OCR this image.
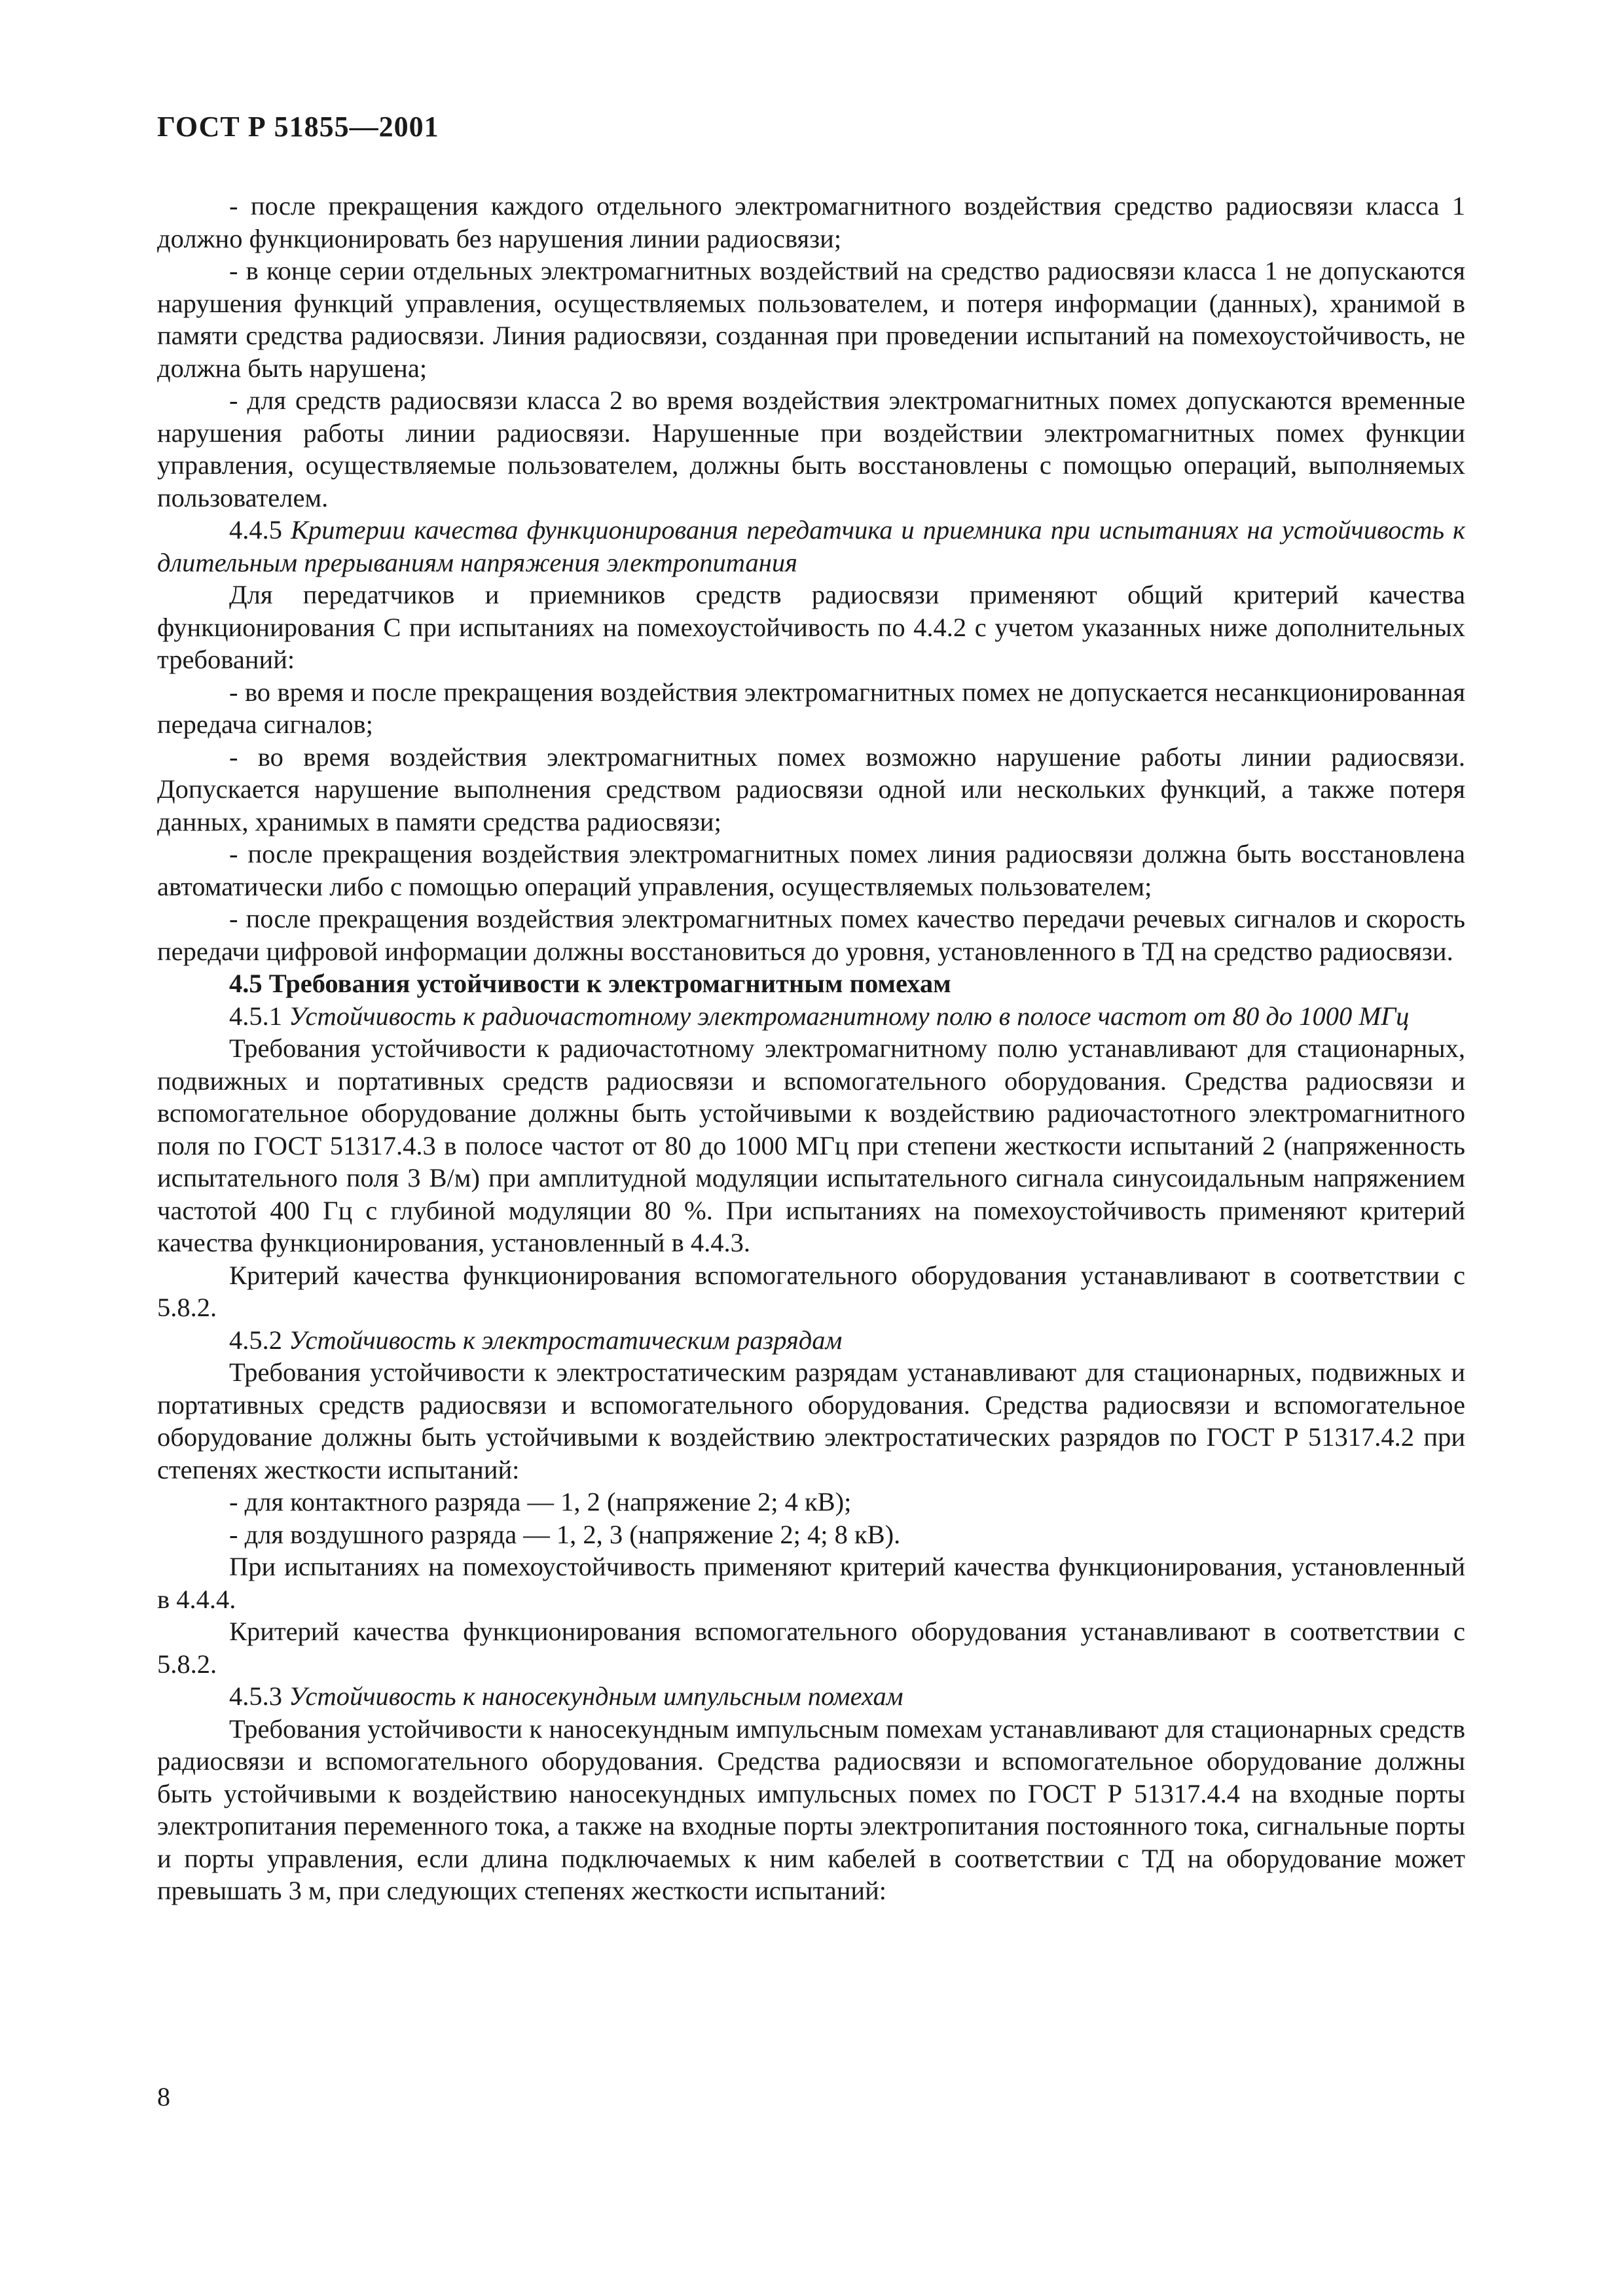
ГОСТ Р 51855—2001

- после прекращения каждого отдельного электромагнитного воздействия средство радиосвязи класса 1 должно функционировать без нарушения линии радиосвязи;

- в конце серии отдельных электромагнитных воздействий на средство радиосвязи класса 1 не допускаются нарушения функций управления, осуществляемых пользователем, и потеря информации (данных), хранимой в памяти средства радиосвязи. Линия радиосвязи, созданная при проведении испытаний на помехоустойчивость, не должна быть нарушена;

- для средств радиосвязи класса 2 во время воздействия электромагнитных помех допускаются временные нарушения работы линии радиосвязи. Нарушенные при воздействии электромагнитных помех функции управления, осуществляемые пользователем, должны быть восстановлены с помощью операций, выполняемых пользователем.

4.4.5 Критерии качества функционирования передатчика и приемника при испытаниях на устойчивость к длительным прерываниям напряжения электропитания

Для передатчиков и приемников средств радиосвязи применяют общий критерий качества функционирования С при испытаниях на помехоустойчивость по 4.4.2 с учетом указанных ниже дополнительных требований:

- во время и после прекращения воздействия электромагнитных помех не допускается несанкционированная передача сигналов;

- во время воздействия электромагнитных помех возможно нарушение работы линии радиосвязи. Допускается нарушение выполнения средством радиосвязи одной или нескольких функций, а также потеря данных, хранимых в памяти средства радиосвязи;

- после прекращения воздействия электромагнитных помех линия радиосвязи должна быть восстановлена автоматически либо с помощью операций управления, осуществляемых пользователем;

- после прекращения воздействия электромагнитных помех качество передачи речевых сигналов и скорость передачи цифровой информации должны восстановиться до уровня, установленного в ТД на средство радиосвязи.

4.5 Требования устойчивости к электромагнитным помехам

4.5.1 Устойчивость к радиочастотному электромагнитному полю в полосе частот от 80 до 1000 МГц

Требования устойчивости к радиочастотному электромагнитному полю устанавливают для стационарных, подвижных и портативных средств радиосвязи и вспомогательного оборудования. Средства радиосвязи и вспомогательное оборудование должны быть устойчивыми к воздействию радиочастотного электромагнитного поля по ГОСТ 51317.4.3 в полосе частот от 80 до 1000 МГц при степени жесткости испытаний 2 (напряженность испытательного поля 3 В/м) при амплитудной модуляции испытательного сигнала синусоидальным напряжением частотой 400 Гц с глубиной модуляции 80 %. При испытаниях на помехоустойчивость применяют критерий качества функционирования, установленный в 4.4.3.

Критерий качества функционирования вспомогательного оборудования устанавливают в соответствии с 5.8.2.

4.5.2 Устойчивость к электростатическим разрядам

Требования устойчивости к электростатическим разрядам устанавливают для стационарных, подвижных и портативных средств радиосвязи и вспомогательного оборудования. Средства радиосвязи и вспомогательное оборудование должны быть устойчивыми к воздействию электростатических разрядов по ГОСТ Р 51317.4.2 при степенях жесткости испытаний:

- для контактного разряда — 1, 2 (напряжение 2; 4 кВ);

- для воздушного разряда — 1, 2, 3 (напряжение 2; 4; 8 кВ).

При испытаниях на помехоустойчивость применяют критерий качества функционирования, установленный в 4.4.4.

Критерий качества функционирования вспомогательного оборудования устанавливают в соответствии с 5.8.2.

4.5.3 Устойчивость к наносекундным импульсным помехам

Требования устойчивости к наносекундным импульсным помехам устанавливают для стационарных средств радиосвязи и вспомогательного оборудования. Средства радиосвязи и вспомогательное оборудование должны быть устойчивыми к воздействию наносекундных импульсных помех по ГОСТ Р 51317.4.4 на входные порты электропитания переменного тока, а также на входные порты электропитания постоянного тока, сигнальные порты и порты управления, если длина подключаемых к ним кабелей в соответствии с ТД на оборудование может превышать 3 м, при следующих степенях жесткости испытаний:

8
